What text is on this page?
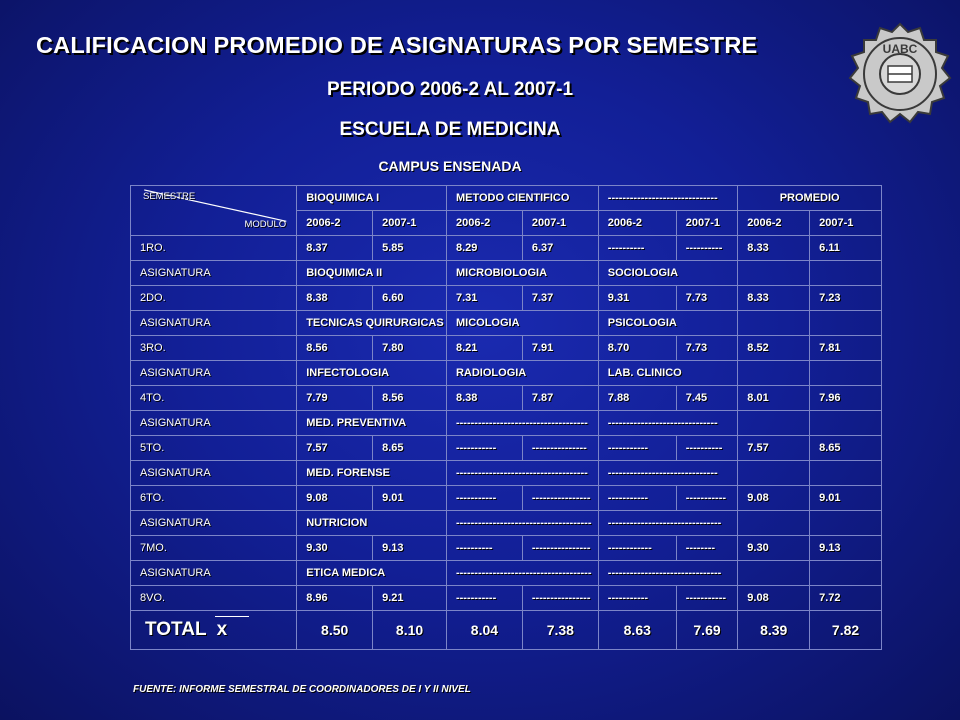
CALIFICACION PROMEDIO DE ASIGNATURAS POR SEMESTRE
PERIODO 2006-2 AL 2007-1
ESCUELA DE MEDICINA
CAMPUS ENSENADA
UABC
SEMESTRE
MODULO	BIOQUIMICA I		METODO CIENTIFICO		------------------------------		PROMEDIO	
	2006-2	2007-1	2006-2	2007-1	2006-2	2007-1	2006-2	2007-1
1RO.	8.37	5.85	8.29	6.37	----------	----------	8.33	6.11
ASIGNATURA	BIOQUIMICA II		MICROBIOLOGIA		SOCIOLOGIA			
2DO.	8.38	6.60	7.31	7.37	9.31	7.73	8.33	7.23
ASIGNATURA	TECNICAS QUIRURGICAS		MICOLOGIA		PSICOLOGIA			
3RO.	8.56	7.80	8.21	7.91	8.70	7.73	8.52	7.81
ASIGNATURA	INFECTOLOGIA		RADIOLOGIA		LAB. CLINICO			
4TO.	7.79	8.56	8.38	7.87	7.88	7.45	8.01	7.96
ASIGNATURA	MED. PREVENTIVA		------------------------------------		------------------------------			
5TO.	7.57	8.65	-----------	---------------	-----------	----------	7.57	8.65
ASIGNATURA	MED. FORENSE		------------------------------------		------------------------------			
6TO.	9.08	9.01	-----------	----------------	-----------	-----------	9.08	9.01
ASIGNATURA	NUTRICION		-------------------------------------		-------------------------------			
7MO.	9.30	9.13	----------	----------------	------------	--------	9.30	9.13
ASIGNATURA	ETICA MEDICA		-------------------------------------		-------------------------------			
8VO.	8.96	9.21	-----------	----------------	-----------	-----------	9.08	7.72
TOTAL x	8.50	8.10	8.04	7.38	8.63	7.69	8.39	7.82
FUENTE: INFORME SEMESTRAL DE COORDINADORES DE I Y II NIVEL
